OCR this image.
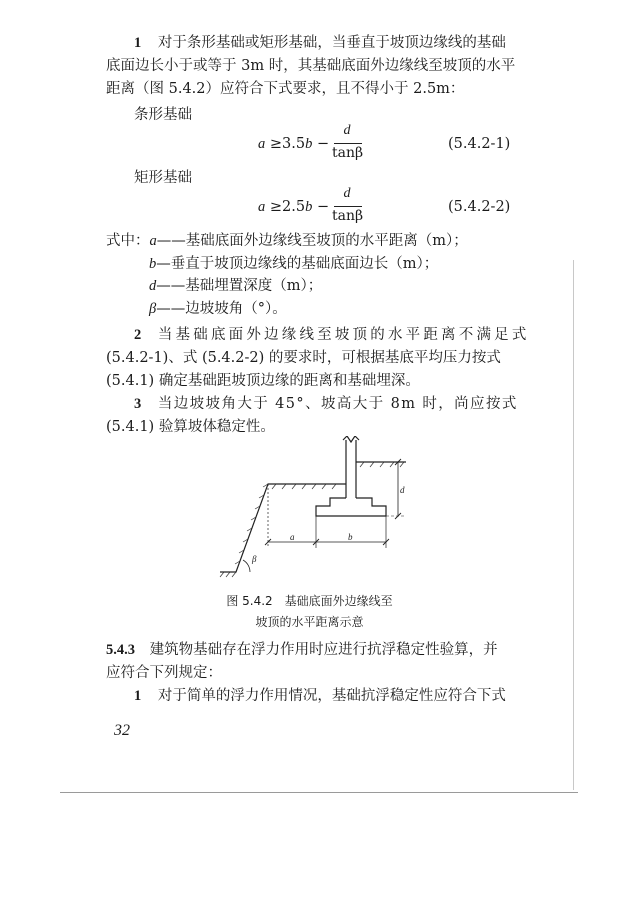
1 对于条形基础或矩形基础，当垂直于坡顶边缘线的基础
底面边长小于或等于 3m 时，其基础底面外边缘线至坡顶的水平
距离（图 5.4.2）应符合下式要求，且不得小于 2.5m：
条形基础
a ≥3.5b −
d
tanβ
(5.4.2-1)
矩形基础
a ≥2.5b −
d
tanβ
(5.4.2-2)
式中：a——基础底面外边缘线至坡顶的水平距离（m）；
b—垂直于坡顶边缘线的基础底面边长（m）；
d——基础埋置深度（m）；
β——边坡坡角（°）。
2 当基础底面外边缘线至坡顶的水平距离不满足式
(5.4.2-1)、式 (5.4.2-2) 的要求时，可根据基底平均压力按式
(5.4.1) 确定基础距坡顶边缘的距离和基础埋深。
3 当边坡坡角大于 45°、坡高大于 8m 时，尚应按式
(5.4.1) 验算坡体稳定性。
a	b
d
β
图 5.4.2　基础底面外边缘线至
坡顶的水平距离示意
5.4.3 建筑物基础存在浮力作用时应进行抗浮稳定性验算，并
应符合下列规定：
1 对于简单的浮力作用情况，基础抗浮稳定性应符合下式
32
